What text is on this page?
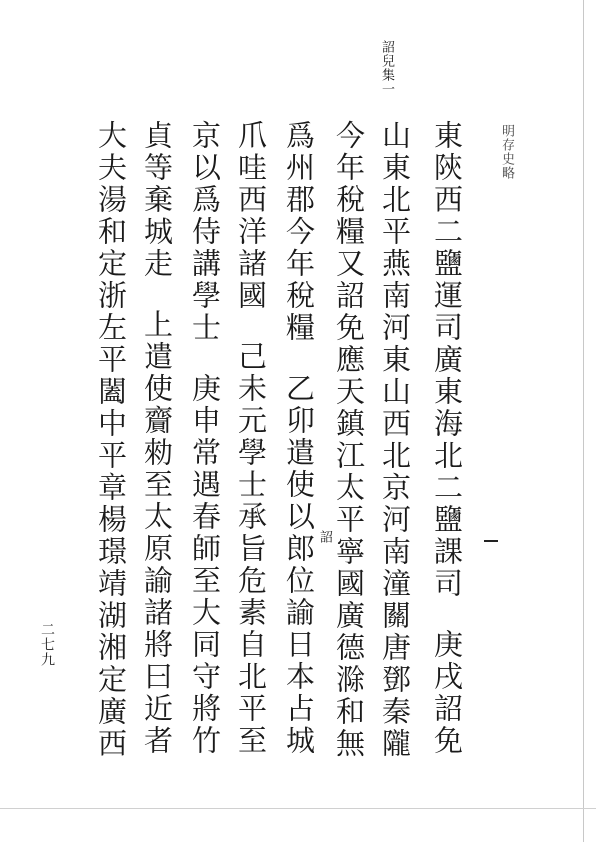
詔兒集一
明存史略
東陝西二鹽運司廣東海北二鹽課司庚戌詔免
山東北平燕南河東山西北京河南潼關唐鄧秦隴
今年稅糧又詔免應天鎮江太平寧國廣德滁和無
爲州郡今年稅糧乙卯遣使以郎位諭日本占城 詔
爪哇西洋諸國己未元學士承旨危素自北平至
京以爲侍講學士庚申常遇春師至大同守將竹
貞等棄城走上遣使齎勑至太原諭諸將曰近者
大夫湯和定浙左平闔中平章楊璟靖湖湘定廣西
二七九
